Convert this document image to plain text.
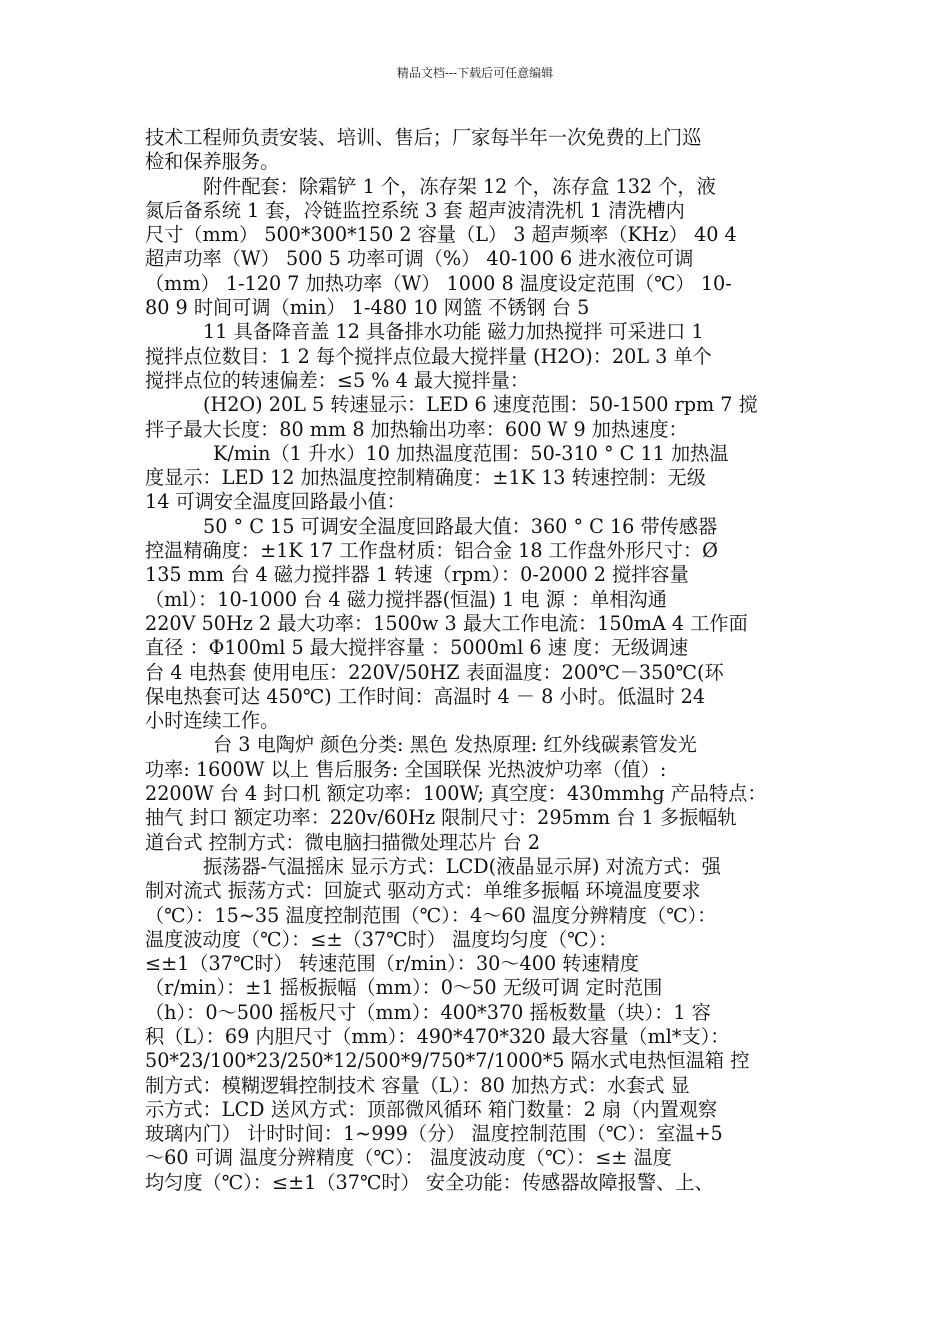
精品文档---下载后可任意编辑
技术工程师负责安装、培训、售后；厂家每半年一次免费的上门巡
检和保养服务。
附件配套：除霜铲 1 个，冻存架 12 个，冻存盒 132 个，液
氮后备系统 1 套，冷链监控系统 3 套 超声波清洗机 1 清洗槽内
尺寸（mm） 500*300*150 2 容量（L） 3 超声频率（KHz） 40 4
超声功率（W） 500 5 功率可调（%） 40-100 6 进水液位可调
（mm） 1-120 7 加热功率（W） 1000 8 温度设定范围（℃） 10-
80 9 时间可调（min） 1-480 10 网篮 不锈钢 台 5
11 具备降音盖 12 具备排水功能 磁力加热搅拌 可采进口 1
搅拌点位数目：1 2 每个搅拌点位最大搅拌量 (H2O)：20L 3 单个
搅拌点位的转速偏差：≤5 % 4 最大搅拌量：
(H2O) 20L 5 转速显示：LED 6 速度范围：50-1500 rpm 7 搅
拌子最大长度：80 mm 8 加热输出功率：600 W 9 加热速度：
K/min（1 升水）10 加热温度范围：50-310 ° C 11 加热温
度显示：LED 12 加热温度控制精确度：±1K 13 转速控制：无级
14 可调安全温度回路最小值：
50 ° C 15 可调安全温度回路最大值：360 ° C 16 带传感器
控温精确度：±1K 17 工作盘材质：铝合金 18 工作盘外形尺寸：Ø
135 mm 台 4 磁力搅拌器 1 转速（rpm）：0-2000 2 搅拌容量
（ml）：10-1000 台 4 磁力搅拌器(恒温) 1 电 源 ：单相沟通
220V 50Hz 2 最大功率：1500w 3 最大工作电流：150mA 4 工作面
直径 ：Φ100ml 5 最大搅拌容量 ：5000ml 6 速 度：无级调速
台 4 电热套 使用电压：220V/50HZ 表面温度：200℃－350℃(环
保电热套可达 450℃) 工作时间：高温时 4 － 8 小时。低温时 24
小时连续工作。
台 3 电陶炉 颜色分类: 黑色 发热原理: 红外线碳素管发光
功率: 1600W 以上 售后服务: 全国联保 光热波炉功率（值）:
2200W 台 4 封口机 额定功率：100W; 真空度：430mmhg 产品特点：
抽气 封口 额定功率：220v/60Hz 限制尺寸：295mm 台 1 多振幅轨
道台式 控制方式：微电脑扫描微处理芯片 台 2
振荡器-气温摇床 显示方式：LCD(液晶显示屏) 对流方式：强
制对流式 振荡方式：回旋式 驱动方式：单维多振幅 环境温度要求
（℃）：15~35 温度控制范围（℃）：4～60 温度分辨精度（℃）：
温度波动度（℃）：≤±（37℃时） 温度均匀度（℃）：
≤±1（37℃时） 转速范围（r/min）：30～400 转速精度
（r/min）：±1 摇板振幅（mm）：0～50 无级可调 定时范围
（h）：0～500 摇板尺寸（mm）：400*370 摇板数量（块）：1 容
积（L）：69 内胆尺寸（mm）：490*470*320 最大容量（ml*支）：
50*23/100*23/250*12/500*9/750*7/1000*5 隔水式电热恒温箱 控
制方式：模糊逻辑控制技术 容量（L）：80 加热方式：水套式 显
示方式：LCD 送风方式：顶部微风循环 箱门数量：2 扇（内置观察
玻璃内门） 计时时间：1~999（分） 温度控制范围（℃）：室温+5
～60 可调 温度分辨精度（℃）： 温度波动度（℃）：≤± 温度
均匀度（℃）：≤±1（37℃时） 安全功能：传感器故障报警、上、
